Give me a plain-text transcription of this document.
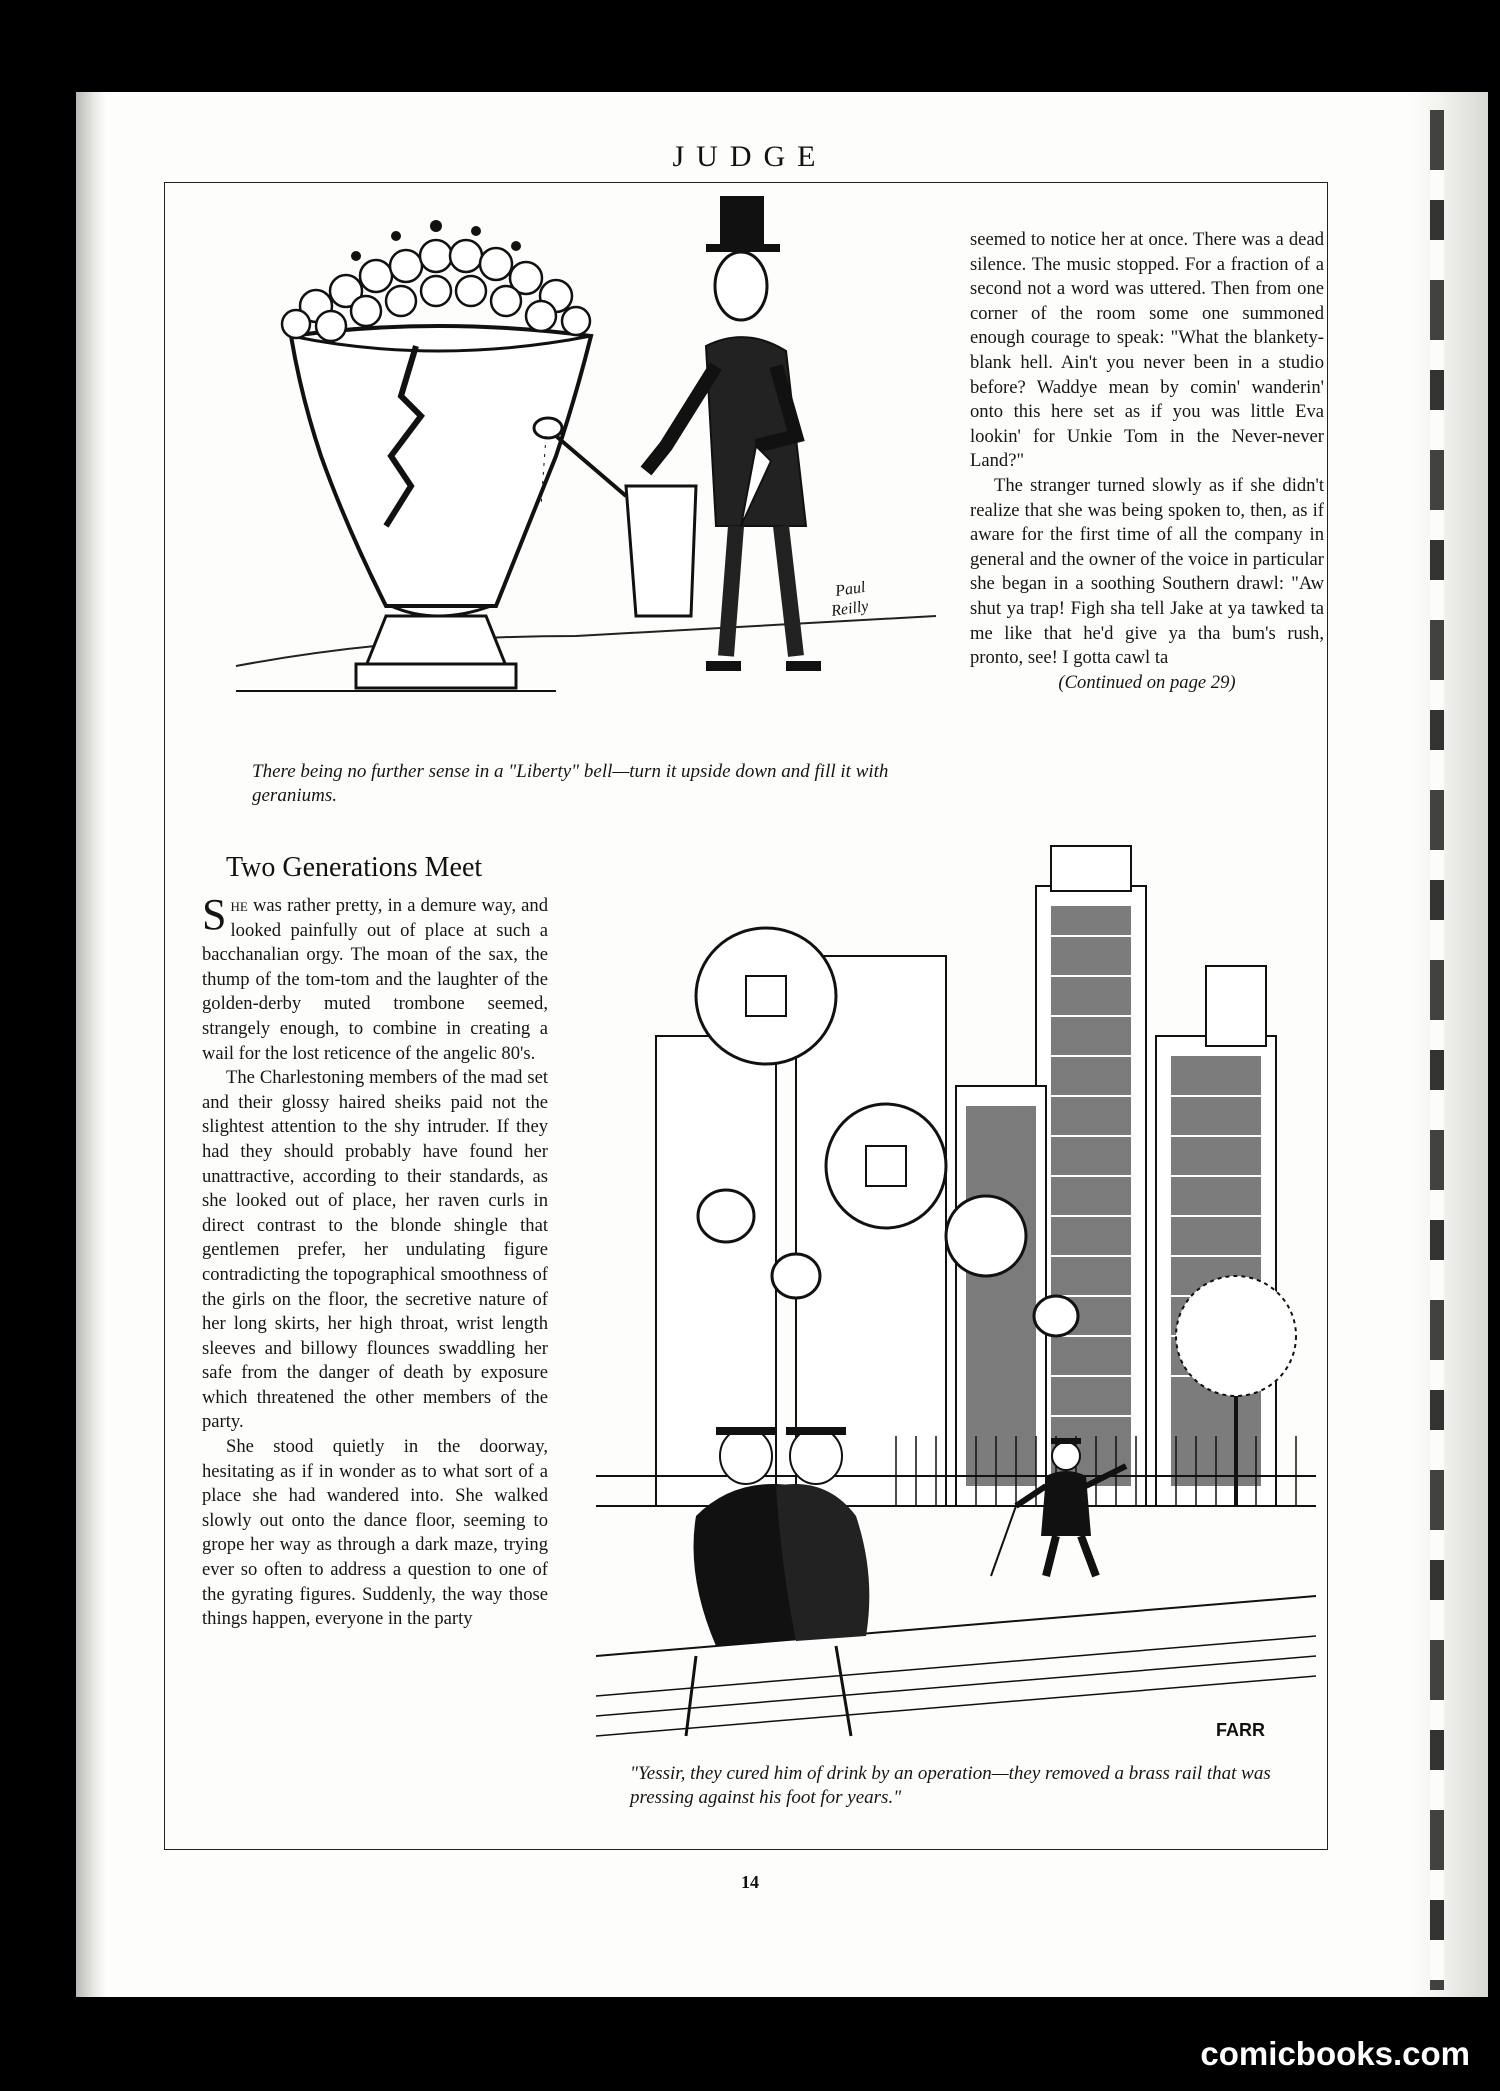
JUDGE
Paul
Reilly
There being no further sense in a "Liberty" bell—turn it upside down and fill it with geraniums.

seemed to notice her at once. There was a dead silence. The music stopped. For a fraction of a second not a word was uttered. Then from one corner of the room some one summoned enough courage to speak: "What the blankety-blank hell. Ain't you never been in a studio before? Waddye mean by comin' wanderin' onto this here set as if you was little Eva lookin' for Unkie Tom in the Never-never Land?"

The stranger turned slowly as if she didn't realize that she was being spoken to, then, as if aware for the first time of all the company in general and the owner of the voice in particular she began in a soothing Southern drawl: "Aw shut ya trap! Figh sha tell Jake at ya tawked ta me like that he'd give ya tha bum's rush, pronto, see! I gotta cawl ta

(Continued on page 29)

Two Generations Meet

She was rather pretty, in a demure way, and looked painfully out of place at such a bacchanalian orgy. The moan of the sax, the thump of the tom-tom and the laughter of the golden-derby muted trombone seemed, strangely enough, to combine in creating a wail for the lost reticence of the angelic 80's.

The Charlestoning members of the mad set and their glossy haired sheiks paid not the slightest attention to the shy intruder. If they had they should probably have found her unattractive, according to their standards, as she looked out of place, her raven curls in direct contrast to the blonde shingle that gentlemen prefer, her undulating figure contradicting the topographical smoothness of the girls on the floor, the secretive nature of her long skirts, her high throat, wrist length sleeves and billowy flounces swaddling her safe from the danger of death by exposure which threatened the other members of the party.

She stood quietly in the doorway, hesitating as if in wonder as to what sort of a place she had wandered into. She walked slowly out onto the dance floor, seeming to grope her way as through a dark maze, trying ever so often to address a question to one of the gyrating figures. Suddenly, the way those things happen, everyone in the party

FARR
"Yessir, they cured him of drink by an operation—they removed a brass rail that was pressing against his foot for years."
14
comicbooks.com
